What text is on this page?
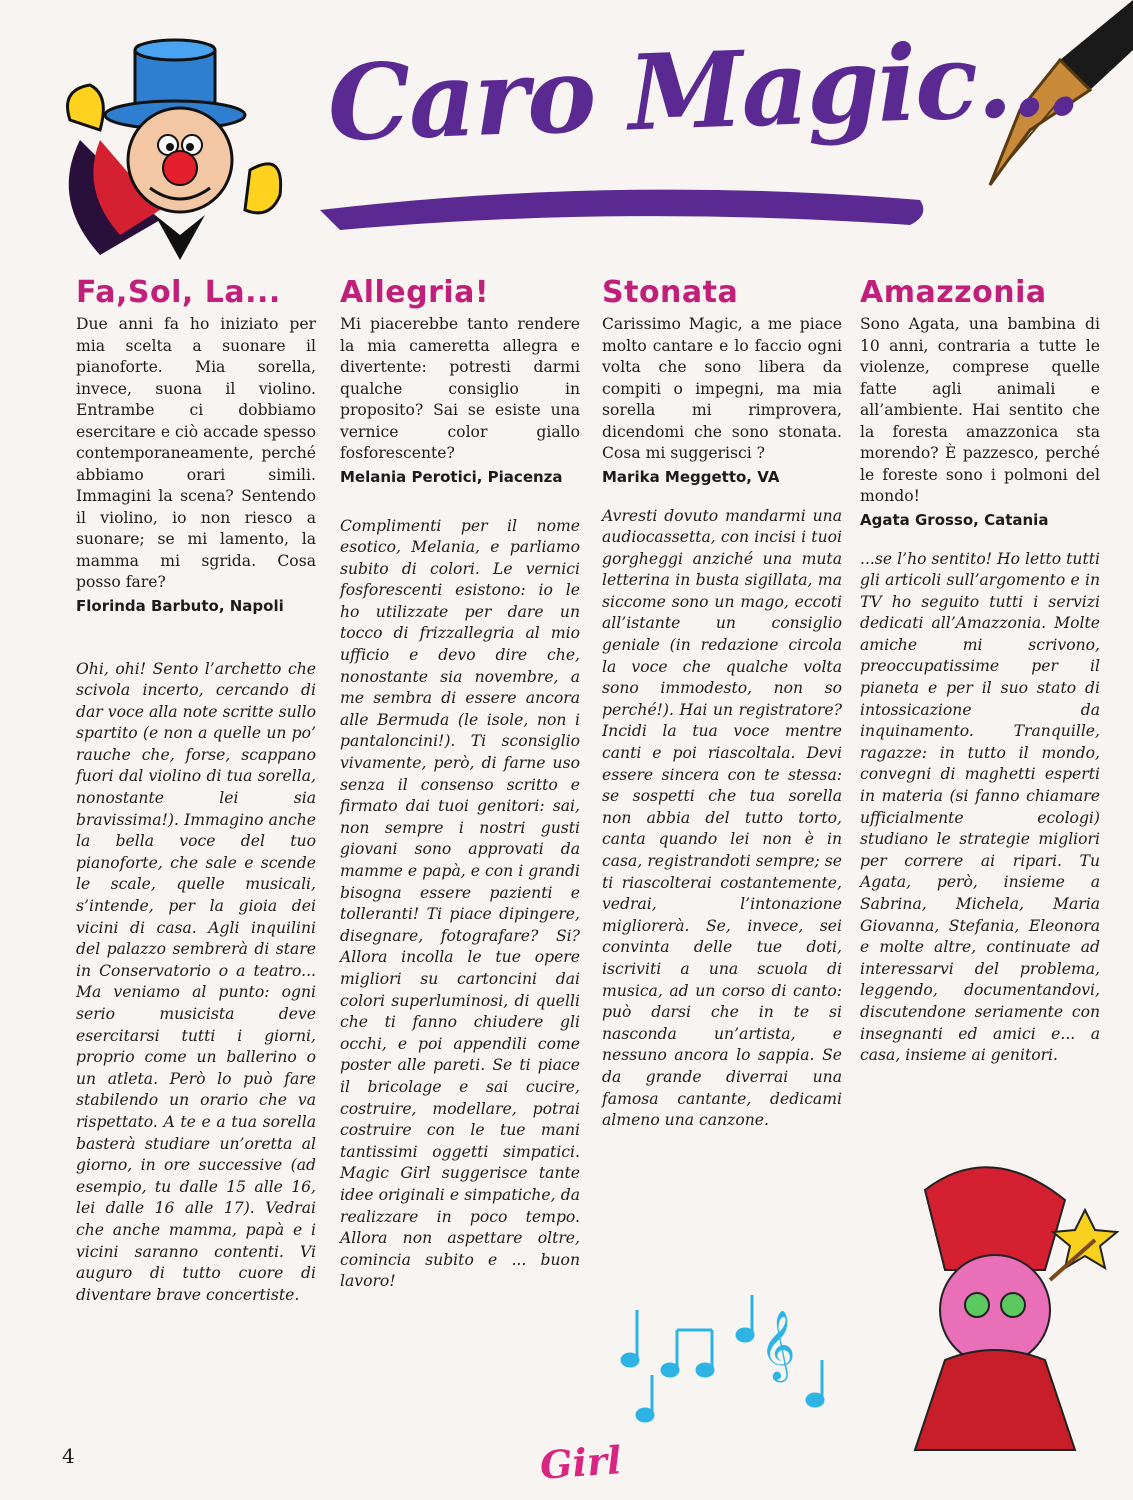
Caro Magic...
Fa,Sol, La...

Due anni fa ho iniziato per mia scelta a suonare il pianoforte. Mia sorella, invece, suona il violino. Entrambe ci dobbiamo esercitare e ciò accade spesso contemporaneamente, perché abbiamo orari simili. Immagini la scena? Sentendo il violino, io non riesco a suonare; se mi lamento, la mamma mi sgrida. Cosa posso fare?

Florinda Barbuto, Napoli

Ohi, ohi! Sento l’archetto che scivola incerto, cercando di dar voce alla note scritte sullo spartito (e non a quelle un po’ rauche che, forse, scappano fuori dal violino di tua sorella, nonostante lei sia bravissima!). Immagino anche la bella voce del tuo pianoforte, che sale e scende le scale, quelle musicali, s’intende, per la gioia dei vicini di casa. Agli inquilini del palazzo sembrerà di stare in Conservatorio o a teatro... Ma veniamo al punto: ogni serio musicista deve esercitarsi tutti i giorni, proprio come un ballerino o un atleta. Però lo può fare stabilendo un orario che va rispettato. A te e a tua sorella basterà studiare un’oretta al giorno, in ore successive (ad esempio, tu dalle 15 alle 16, lei dalle 16 alle 17). Vedrai che anche mamma, papà e i vicini saranno contenti. Vi auguro di tutto cuore di diventare brave concertiste.

Allegria!

Mi piacerebbe tanto rendere la mia cameretta allegra e divertente: potresti darmi qualche consiglio in proposito? Sai se esiste una vernice color giallo fosforescente?

Melania Perotici, Piacenza

Complimenti per il nome esotico, Melania, e parliamo subito di colori. Le vernici fosforescenti esistono: io le ho utilizzate per dare un tocco di frizzallegria al mio ufficio e devo dire che, nonostante sia novembre, a me sembra di essere ancora alle Bermuda (le isole, non i pantaloncini!). Ti sconsiglio vivamente, però, di farne uso senza il consenso scritto e firmato dai tuoi genitori: sai, non sempre i nostri gusti giovani sono approvati da mamme e papà, e con i grandi bisogna essere pazienti e tolleranti! Ti piace dipingere, disegnare, fotografare? Si? Allora incolla le tue opere migliori su cartoncini dai colori superluminosi, di quelli che ti fanno chiudere gli occhi, e poi appendili come poster alle pareti. Se ti piace il bricolage e sai cucire, costruire, modellare, potrai costruire con le tue mani tantissimi oggetti simpatici. Magic Girl suggerisce tante idee originali e simpatiche, da realizzare in poco tempo. Allora non aspettare oltre, comincia subito e ... buon lavoro!

Stonata

Carissimo Magic, a me piace molto cantare e lo faccio ogni volta che sono libera da compiti o impegni, ma mia sorella mi rimprovera, dicendomi che sono stonata. Cosa mi suggerisci ?

Marika Meggetto, VA

Avresti dovuto mandarmi una audiocassetta, con incisi i tuoi gorgheggi anziché una muta letterina in busta sigillata, ma siccome sono un mago, eccoti all’istante un consiglio geniale (in redazione circola la voce che qualche volta sono immodesto, non so perché!). Hai un registratore? Incidi la tua voce mentre canti e poi riascoltala. Devi essere sincera con te stessa: se sospetti che tua sorella non abbia del tutto torto, canta quando lei non è in casa, registrandoti sempre; se ti riascolterai costantemente, vedrai, l’intonazione migliorerà. Se, invece, sei convinta delle tue doti, iscriviti a una scuola di musica, ad un corso di canto: può darsi che in te si nasconda un’artista, e nessuno ancora lo sappia. Se da grande diverrai una famosa cantante, dedicami almeno una canzone.

Amazzonia

Sono Agata, una bambina di 10 anni, contraria a tutte le violenze, comprese quelle fatte agli animali e all’ambiente. Hai sentito che la foresta amazzonica sta morendo? È pazzesco, perché le foreste sono i polmoni del mondo!

Agata Grosso, Catania

...se l’ho sentito! Ho letto tutti gli articoli sull’argomento e in TV ho seguito tutti i servizi dedicati all’Amazzonia. Molte amiche mi scrivono, preoccupatissime per il pianeta e per il suo stato di intossicazione da inquinamento. Tranquille, ragazze: in tutto il mondo, convegni di maghetti esperti in materia (si fanno chiamare ufficialmente ecologi) studiano le strategie migliori per correre ai ripari. Tu Agata, però, insieme a Sabrina, Michela, Maria Giovanna, Stefania, Eleonora e molte altre, continuate ad interessarvi del problema, leggendo, documentandovi, discutendone seriamente con insegnanti ed amici e... a casa, insieme ai genitori.

𝄞
4	Girl
